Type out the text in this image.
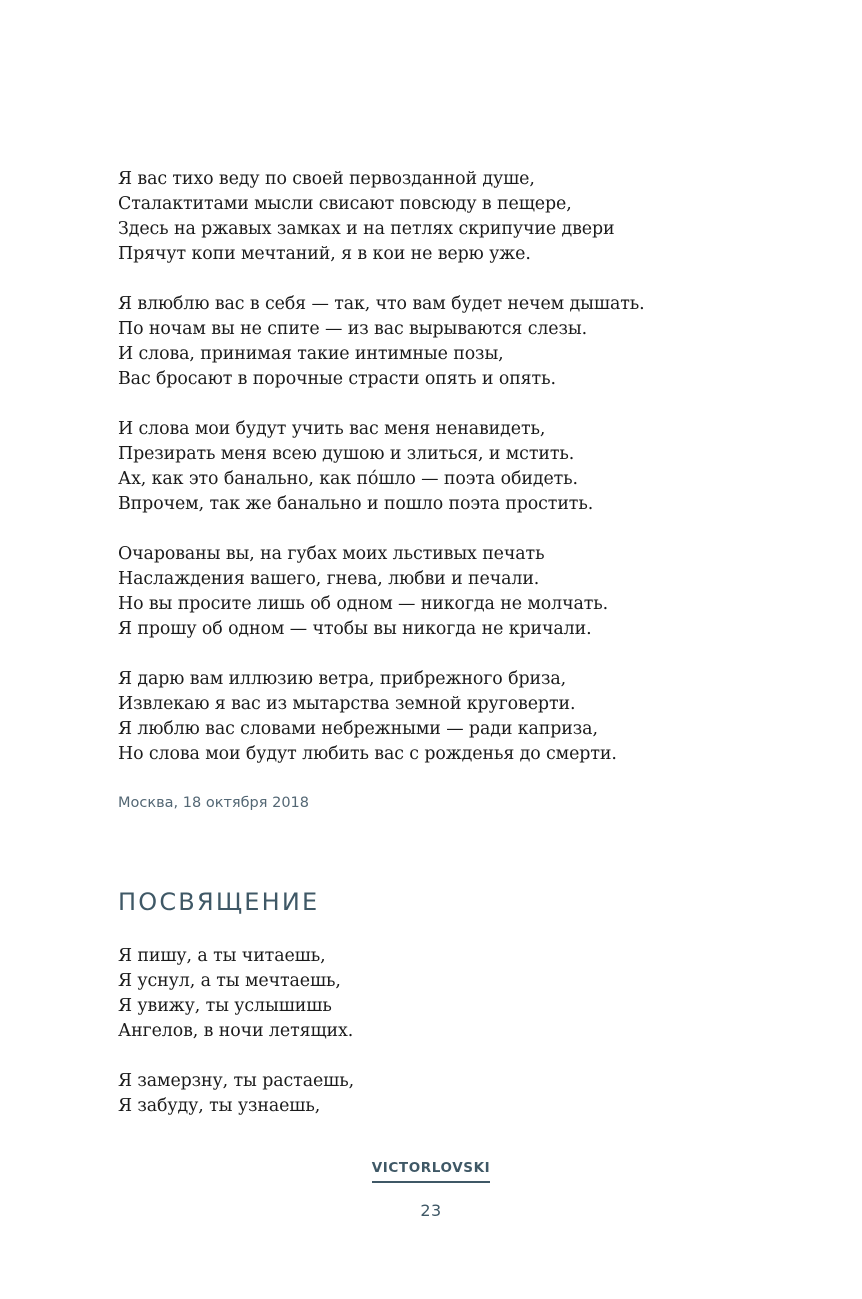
Я вас тихо веду по своей первозданной душе,
Сталактитами мысли свисают повсюду в пещере,
Здесь на ржавых замках и на петлях скрипучие двери
Прячут копи мечтаний, я в кои не верю уже.
Я влюблю вас в себя — так, что вам будет нечем дышать.
По ночам вы не спите — из вас вырываются слезы.
И слова, принимая такие интимные позы,
Вас бросают в порочные страсти опять и опять.
И слова мои будут учить вас меня ненавидеть,
Презирать меня всею душою и злиться, и мстить.
Ах, как это банально, как пóшло — поэта обидеть.
Впрочем, так же банально и пошло поэта простить.
Очарованы вы, на губах моих льстивых печать
Наслаждения вашего, гнева, любви и печали.
Но вы просите лишь об одном — никогда не молчать.
Я прошу об одном — чтобы вы никогда не кричали.
Я дарю вам иллюзию ветра, прибрежного бриза,
Извлекаю я вас из мытарства земной круговерти.
Я люблю вас словами небрежными — ради каприза,
Но слова мои будут любить вас с рожденья до смерти.
Москва, 18 октября 2018
ПОСВЯЩЕНИЕ
Я пишу, а ты читаешь,
Я уснул, а ты мечтаешь,
Я увижу, ты услышишь
Ангелов, в ночи летящих.
Я замерзну, ты растаешь,
Я забуду, ты узнаешь,
VICTORLOVSKI
23
